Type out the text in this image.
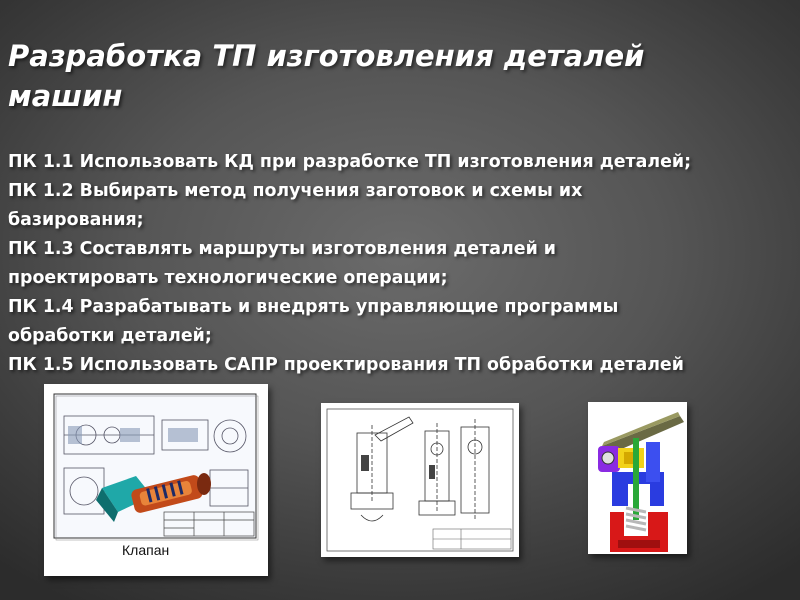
Разработка ТП изготовления деталей машин
ПК 1.1 Использовать КД при разработке ТП изготовления деталей;
ПК 1.2 Выбирать метод получения заготовок и схемы их
базирования;
ПК 1.3 Составлять маршруты изготовления деталей и
проектировать технологические операции;
ПК 1.4 Разрабатывать и внедрять управляющие программы
обработки деталей;
ПК 1.5 Использовать САПР проектирования ТП обработки деталей
Клапан
